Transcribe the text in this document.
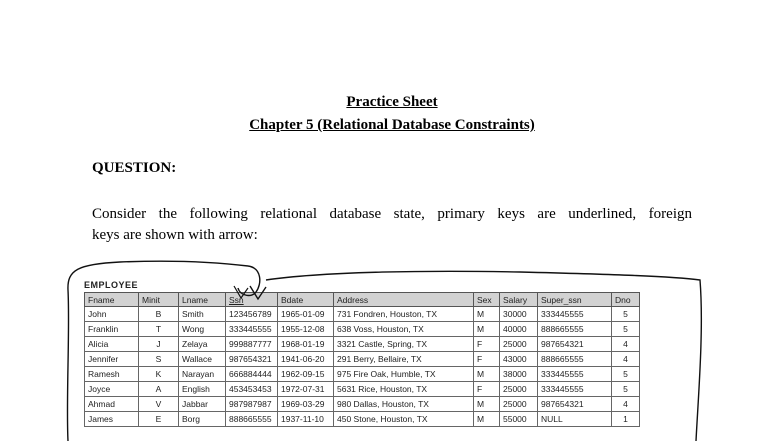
Practice Sheet
Chapter 5 (Relational Database Constraints)
QUESTION:
Consider the following relational database state, primary keys are underlined, foreign
keys are shown with arrow:
EMPLOYEE
Fname	Minit	Lname	Ssn	Bdate	Address	Sex	Salary	Super_ssn	Dno
John	B	Smith	123456789	1965-01-09	731 Fondren, Houston, TX	M	30000	333445555	5
Franklin	T	Wong	333445555	1955-12-08	638 Voss, Houston, TX	M	40000	888665555	5
Alicia	J	Zelaya	999887777	1968-01-19	3321 Castle, Spring, TX	F	25000	987654321	4
Jennifer	S	Wallace	987654321	1941-06-20	291 Berry, Bellaire, TX	F	43000	888665555	4
Ramesh	K	Narayan	666884444	1962-09-15	975 Fire Oak, Humble, TX	M	38000	333445555	5
Joyce	A	English	453453453	1972-07-31	5631 Rice, Houston, TX	F	25000	333445555	5
Ahmad	V	Jabbar	987987987	1969-03-29	980 Dallas, Houston, TX	M	25000	987654321	4
James	E	Borg	888665555	1937-11-10	450 Stone, Houston, TX	M	55000	NULL	1
